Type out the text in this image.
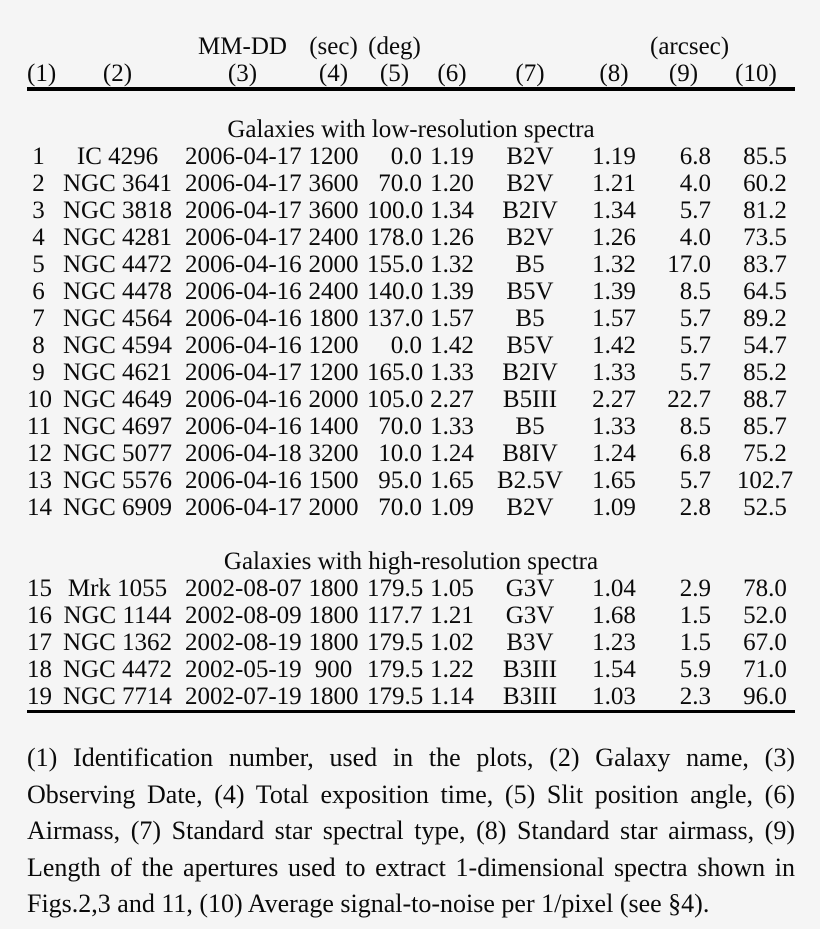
		MM-DD	(sec)	(deg)				(arcsec)	
(1)	(2)	(3)	(4)	(5)	(6)	(7)	(8)	(9)	(10)

Galaxies with low-resolution spectra									
1	IC 4296	2006-04-17	1200	0.0	1.19	B2V	1.19	6.8	85.5
2	NGC 3641	2006-04-17	3600	70.0	1.20	B2V	1.21	4.0	60.2
3	NGC 3818	2006-04-17	3600	100.0	1.34	B2IV	1.34	5.7	81.2
4	NGC 4281	2006-04-17	2400	178.0	1.26	B2V	1.26	4.0	73.5
5	NGC 4472	2006-04-16	2000	155.0	1.32	B5	1.32	17.0	83.7
6	NGC 4478	2006-04-16	2400	140.0	1.39	B5V	1.39	8.5	64.5
7	NGC 4564	2006-04-16	1800	137.0	1.57	B5	1.57	5.7	89.2
8	NGC 4594	2006-04-16	1200	0.0	1.42	B5V	1.42	5.7	54.7
9	NGC 4621	2006-04-17	1200	165.0	1.33	B2IV	1.33	5.7	85.2
10	NGC 4649	2006-04-16	2000	105.0	2.27	B5III	2.27	22.7	88.7
11	NGC 4697	2006-04-16	1400	70.0	1.33	B5	1.33	8.5	85.7
12	NGC 5077	2006-04-18	3200	10.0	1.24	B8IV	1.24	6.8	75.2
13	NGC 5576	2006-04-16	1500	95.0	1.65	B2.5V	1.65	5.7	102.7
14	NGC 6909	2006-04-17	2000	70.0	1.09	B2V	1.09	2.8	52.5

Galaxies with high-resolution spectra									
15	Mrk 1055	2002-08-07	1800	179.5	1.05	G3V	1.04	2.9	78.0
16	NGC 1144	2002-08-09	1800	117.7	1.21	G3V	1.68	1.5	52.0
17	NGC 1362	2002-08-19	1800	179.5	1.02	B3V	1.23	1.5	67.0
18	NGC 4472	2002-05-19	900	179.5	1.22	B3III	1.54	5.9	71.0
19	NGC 7714	2002-07-19	1800	179.5	1.14	B3III	1.03	2.3	96.0
(1) Identification number, used in the plots, (2) Galaxy name, (3)
Observing Date, (4) Total exposition time, (5) Slit position angle, (6)
Airmass, (7) Standard star spectral type, (8) Standard star airmass, (9)
Length of the apertures used to extract 1-dimensional spectra shown in
Figs.2,3 and 11, (10) Average signal-to-noise per 1/pixel (see §4).
